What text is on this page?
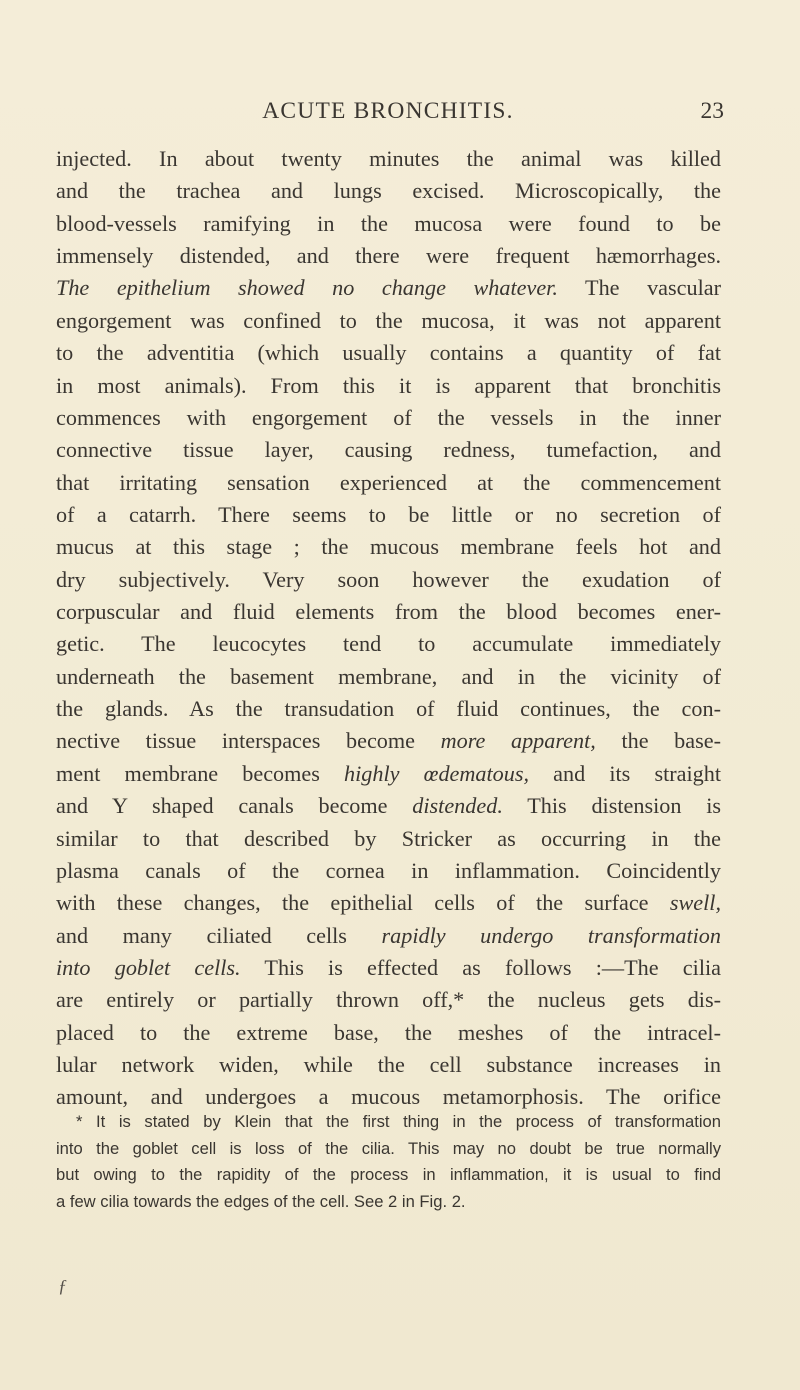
ACUTE BRONCHITIS.	23
injected. In about twenty minutes the animal was killed
and the trachea and lungs excised. Microscopically, the
blood-vessels ramifying in the mucosa were found to be
immensely distended, and there were frequent hæmorrhages.
The epithelium showed no change whatever. The vascular
engorgement was confined to the mucosa, it was not apparent
to the adventitia (which usually contains a quantity of fat
in most animals). From this it is apparent that bronchitis
commences with engorgement of the vessels in the inner
connective tissue layer, causing redness, tumefaction, and
that irritating sensation experienced at the commencement
of a catarrh. There seems to be little or no secretion of
mucus at this stage ; the mucous membrane feels hot and
dry subjectively. Very soon however the exudation of
corpuscular and fluid elements from the blood becomes ener-
getic. The leucocytes tend to accumulate immediately
underneath the basement membrane, and in the vicinity of
the glands. As the transudation of fluid continues, the con-
nective tissue interspaces become more apparent, the base-
ment membrane becomes highly œdematous, and its straight
and Y shaped canals become distended. This distension is
similar to that described by Stricker as occurring in the
plasma canals of the cornea in inflammation. Coincidently
with these changes, the epithelial cells of the surface swell,
and many ciliated cells rapidly undergo transformation
into goblet cells. This is effected as follows :—The cilia
are entirely or partially thrown off,* the nucleus gets dis-
placed to the extreme base, the meshes of the intracel-
lular network widen, while the cell substance increases in
amount, and undergoes a mucous metamorphosis. The orifice
* It is stated by Klein that the first thing in the process of transformation
into the goblet cell is loss of the cilia. This may no doubt be true normally
but owing to the rapidity of the process in inflammation, it is usual to find
a few cilia towards the edges of the cell. See 2 in Fig. 2.
ƒ
